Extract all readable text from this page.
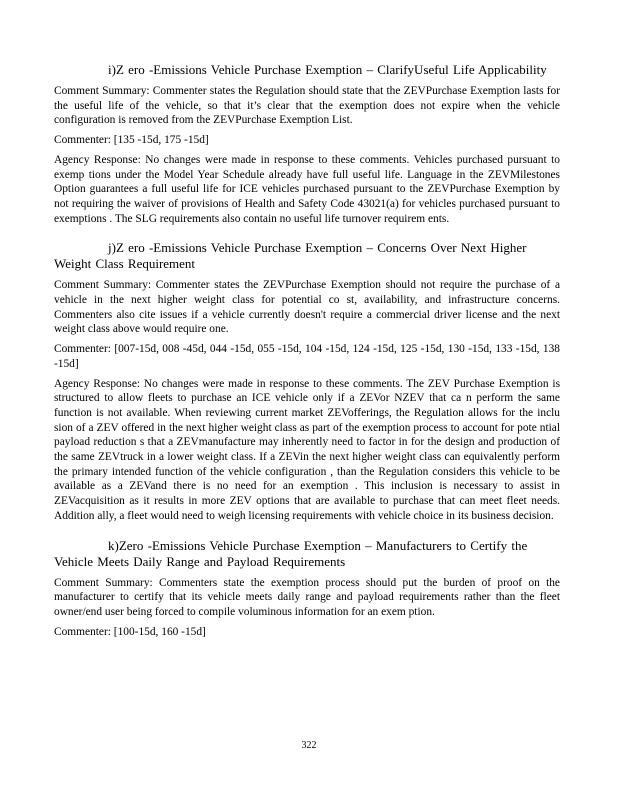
i)Z ero -Emissions Vehicle Purchase Exemption – ClarifyUseful Life Applicability

Comment Summary: Commenter states the Regulation should state that the ZEVPurchase Exemption lasts for the useful life of the vehicle, so that it’s clear that the exemption does not expire when the vehicle configuration is removed from the ZEVPurchase Exemption List.

Commenter: [135 -15d, 175 -15d]

Agency Response: No changes were made in response to these comments. Vehicles purchased pursuant to exemp tions under the Model Year Schedule already have full useful life. Language in the ZEVMilestones Option guarantees a full useful life for ICE vehicles purchased pursuant to the ZEVPurchase Exemption by not requiring the waiver of provisions of Health and Safety Code 43021(a) for vehicles purchased pursuant to exemptions . The SLG requirements also contain no useful life turnover requirem ents.

j)Z ero -Emissions Vehicle Purchase Exemption – Concerns Over Next Higher Weight Class Requirement

Comment Summary: Commenter states the ZEVPurchase Exemption should not require the purchase of a vehicle in the next higher weight class for potential co st, availability, and infrastructure concerns. Commenters also cite issues if a vehicle currently doesn't require a commercial driver license and the next weight class above would require one.

Commenter: [007-15d, 008 -45d, 044 -15d, 055 -15d, 104 -15d, 124 -15d, 125 -15d, 130 -15d, 133 -15d, 138 -15d]

Agency Response: No changes were made in response to these comments. The ZEV Purchase Exemption is structured to allow fleets to purchase an ICE vehicle only if a ZEVor NZEV that ca n perform the same function is not available. When reviewing current market ZEVofferings, the Regulation allows for the inclu sion of a ZEV offered in the next higher weight class as part of the exemption process to account for pote ntial payload reduction s that a ZEVmanufacture may inherently need to factor in for the design and production of the same ZEVtruck in a lower weight class. If a ZEVin the next higher weight class can equivalently perform the primary intended function of the vehicle configuration , than the Regulation considers this vehicle to be available as a ZEVand there is no need for an exemption . This inclusion is necessary to assist in ZEVacquisition as it results in more ZEV options that are available to purchase that can meet fleet needs. Addition ally, a fleet would need to weigh licensing requirements with vehicle choice in its business decision.

k)Zero -Emissions Vehicle Purchase Exemption – Manufacturers to Certify the Vehicle Meets Daily Range and Payload Requirements

Comment Summary: Commenters state the exemption process should put the burden of proof on the manufacturer to certify that its vehicle meets daily range and payload requirements rather than the fleet owner/end user being forced to compile voluminous information for an exem ption.

Commenter: [100-15d, 160 -15d]

322
